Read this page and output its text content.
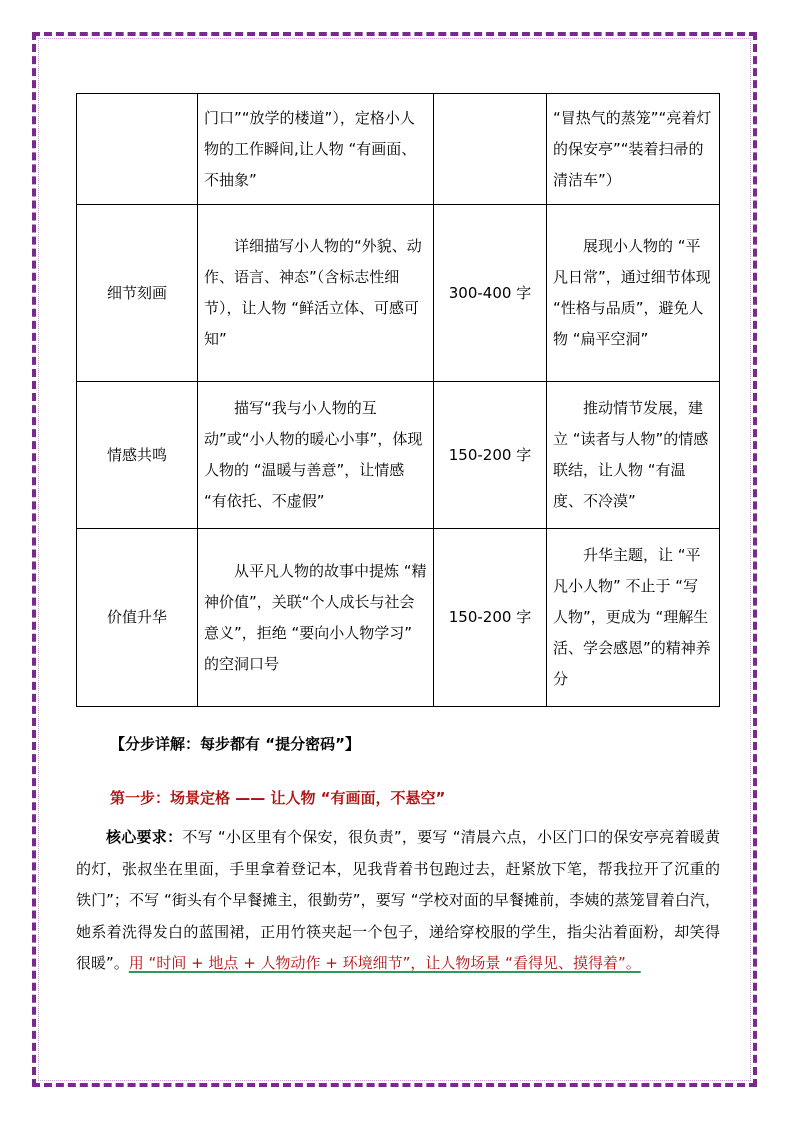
	门口”“放学的楼道”），定格小人物的工作瞬间,让人物 “有画面、不抽象”		“冒热气的蒸笼”“亮着灯的保安亭”“装着扫帚的清洁车”）
细节刻画	详细描写小人物的“外貌、动作、语言、神态”（含标志性细节），让人物 “鲜活立体、可感可知”	300-400 字	展现小人物的 “平凡日常”，通过细节体现 “性格与品质”，避免人物 “扁平空洞”
情感共鸣	描写“我与小人物的互动”或“小人物的暖心小事”，体现人物的 “温暖与善意”，让情感 “有依托、不虚假”	150-200 字	推动情节发展，建立 “读者与人物”的情感联结，让人物 “有温度、不冷漠”
价值升华	从平凡人物的故事中提炼 “精神价值”，关联“个人成长与社会意义”，拒绝 “要向小人物学习” 的空洞口号	150-200 字	升华主题，让 “平凡小人物” 不止于 “写人物”，更成为 “理解生活、学会感恩”的精神养分
【分步详解：每步都有 “提分密码”】
第一步：场景定格 —— 让人物 “有画面，不悬空”

核心要求：不写 “小区里有个保安，很负责”，要写 “清晨六点，小区门口的保安亭亮着暖黄的灯，张叔坐在里面，手里拿着登记本，见我背着书包跑过去，赶紧放下笔，帮我拉开了沉重的铁门”；不写 “街头有个早餐摊主，很勤劳”，要写 “学校对面的早餐摊前，李姨的蒸笼冒着白汽，她系着洗得发白的蓝围裙，正用竹筷夹起一个包子，递给穿校服的学生，指尖沾着面粉，却笑得很暖”。用 “时间 + 地点 + 人物动作 + 环境细节”，让人物场景 “看得见、摸得着”。
